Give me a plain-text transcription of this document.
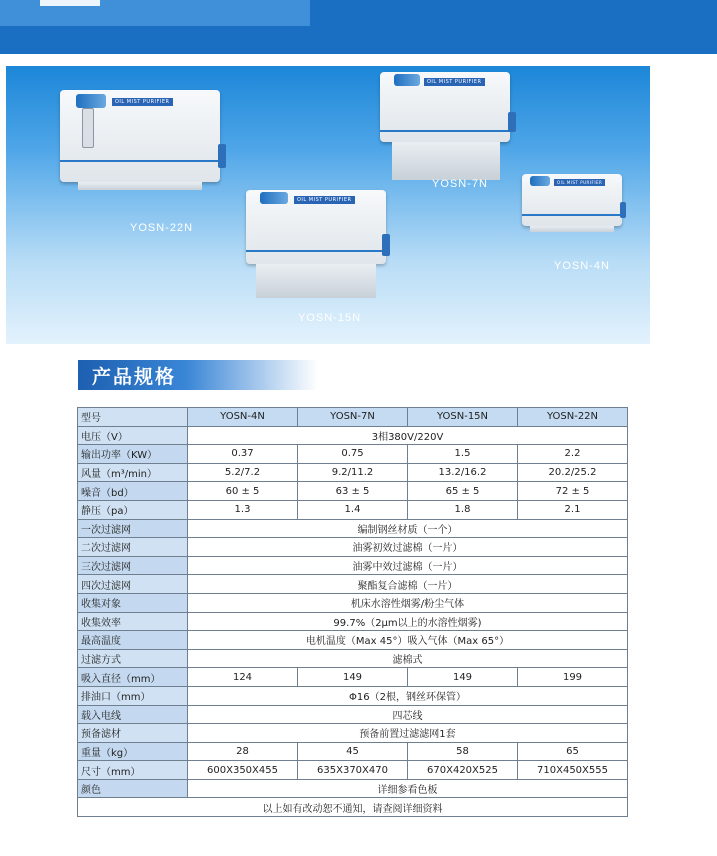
OIL MIST PURIFIER
YOSN-22N
OIL MIST PURIFIER
YOSN-7N
OIL MIST PURIFIER
YOSN-15N
OIL MIST PURIFIER
YOSN-4N
产品规格
型号	YOSN-4N	YOSN-7N	YOSN-15N	YOSN-22N
电压（V）	3相380V/220V			
输出功率（KW）	0.37	0.75	1.5	2.2
风量（m³/min）	5.2/7.2	9.2/11.2	13.2/16.2	20.2/25.2
噪音（bd）	60 ± 5	63 ± 5	65 ± 5	72 ± 5
静压（pa）	1.3	1.4	1.8	2.1
一次过滤网	编制钢丝材质（一个）			
二次过滤网	油雾初效过滤棉（一片）			
三次过滤网	油雾中效过滤棉（一片）			
四次过滤网	聚酯复合滤棉（一片）			
收集对象	机床水溶性烟雾/粉尘气体			
收集效率	99.7%（2μm以上的水溶性烟雾)			
最高温度	电机温度（Max 45°）吸入气体（Max 65°）			
过滤方式	滤棉式			
吸入直径（mm）	124	149	149	199
排油口（mm）	Φ16（2根，钢丝环保管）			
载入电线	四芯线			
预备滤材	预备前置过滤滤网1套			
重量（kg）	28	45	58	65
尺寸（mm）	600X350X455	635X370X470	670X420X525	710X450X555
颜色	详细参看色板			
以上如有改动恕不通知，请查阅详细资料				
